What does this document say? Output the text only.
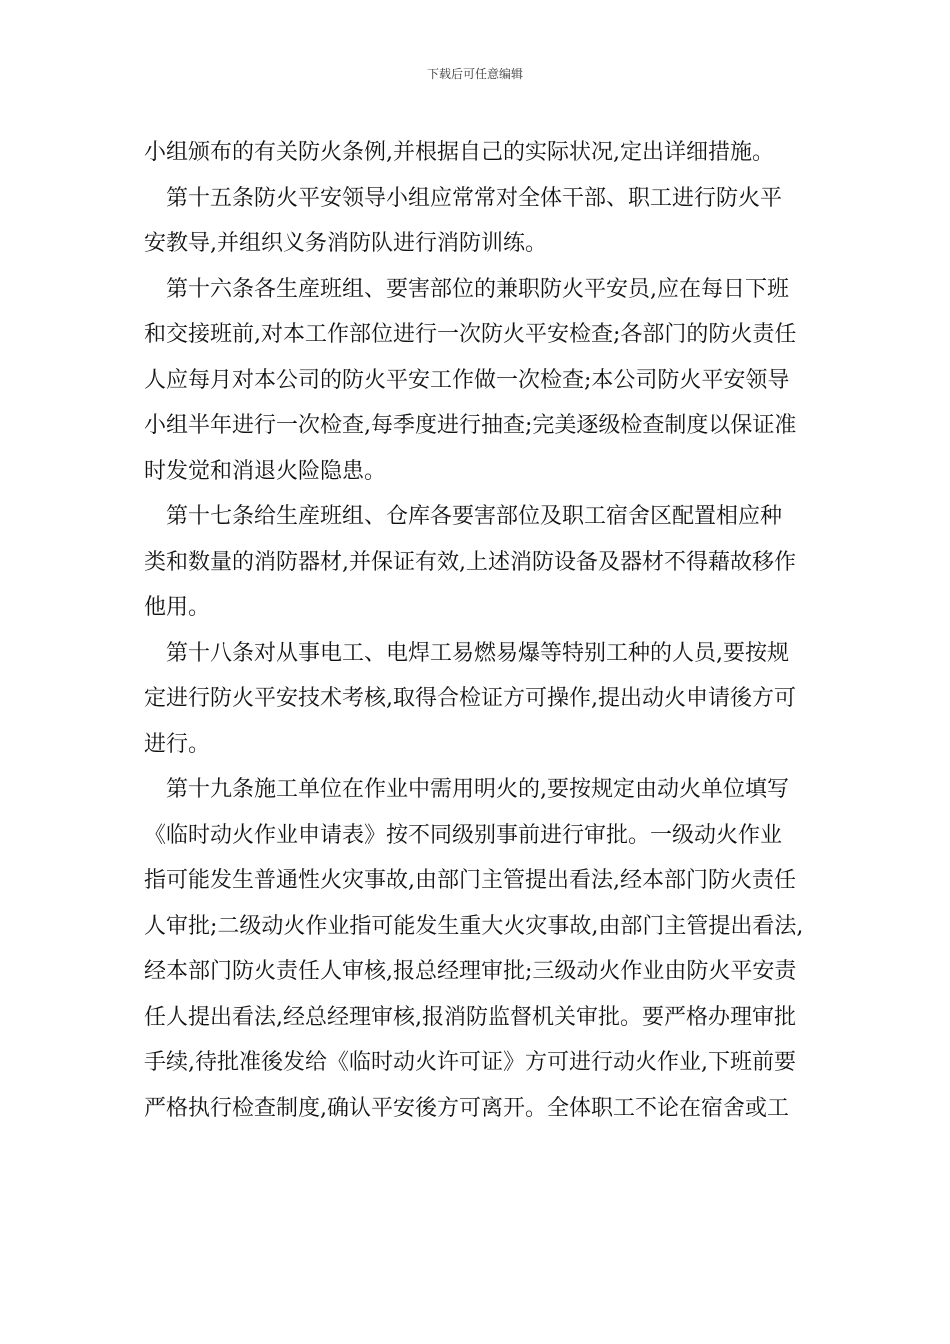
下载后可任意编辑
小组颁布的有关防火条例,并根据自己的实际状况,定出详细措施。
第十五条防火平安领导小组应常常对全体干部、职工进行防火平
安教导,并组织义务消防队进行消防训练。
第十六条各生産班组、要害部位的兼职防火平安员,应在每日下班
和交接班前,对本工作部位进行一次防火平安检查;各部门的防火责任
人应每月对本公司的防火平安工作做一次检查;本公司防火平安领导
小组半年进行一次检查,每季度进行抽查;完美逐级检查制度以保证准
时发觉和消退火险隐患。
第十七条给生産班组、仓库各要害部位及职工宿舍区配置相应种
类和数量的消防器材,并保证有效,上述消防设备及器材不得藉故移作
他用。
第十八条对从事电工、电焊工易燃易爆等特别工种的人员,要按规
定进行防火平安技术考核,取得合检证方可操作,提出动火申请後方可
进行。
第十九条施工单位在作业中需用明火的,要按规定由动火单位填写
《临时动火作业申请表》按不同级别事前进行审批。一级动火作业
指可能发生普通性火灾事故,由部门主管提出看法,经本部门防火责任
人审批;二级动火作业指可能发生重大火灾事故,由部门主管提出看法,
经本部门防火责任人审核,报总经理审批;三级动火作业由防火平安责
任人提出看法,经总经理审核,报消防监督机关审批。要严格办理审批
手续,待批准後发给《临时动火许可证》方可进行动火作业,下班前要
严格执行检查制度,确认平安後方可离开。全体职工不论在宿舍或工
